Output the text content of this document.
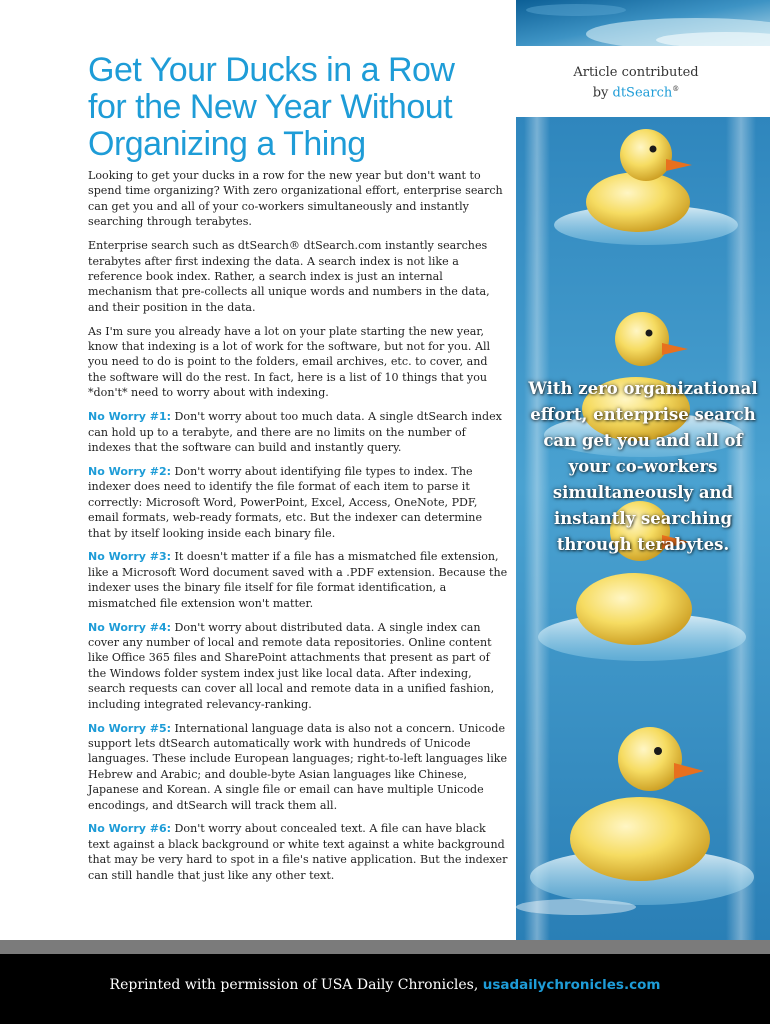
Get Your Ducks in a Row
for the New Year Without
Organizing a Thing
Article contributed
by dtSearch®

Looking to get your ducks in a row for the new year but don't want to spend time organizing? With zero organizational effort, enterprise search can get you and all of your co-workers simultaneously and instantly searching through terabytes.

Enterprise search such as dtSearch® dtSearch.com instantly searches terabytes after first indexing the data. A search index is not like a reference book index. Rather, a search index is just an internal mechanism that pre-collects all unique words and numbers in the data, and their position in the data.

As I'm sure you already have a lot on your plate starting the new year, know that indexing is a lot of work for the software, but not for you. All you need to do is point to the folders, email archives, etc. to cover, and the software will do the rest. In fact, here is a list of 10 things that you *don't* need to worry about with indexing.

No Worry #1: Don't worry about too much data. A single dtSearch index can hold up to a terabyte, and there are no limits on the number of indexes that the software can build and instantly query.

No Worry #2: Don't worry about identifying file types to index. The indexer does need to identify the file format of each item to parse it correctly: Microsoft Word, PowerPoint, Excel, Access, OneNote, PDF, email formats, web-ready formats, etc. But the indexer can determine that by itself looking inside each binary file.

No Worry #3: It doesn't matter if a file has a mismatched file extension, like a Microsoft Word document saved with a .PDF extension. Because the indexer uses the binary file itself for file format identification, a mismatched file extension won't matter.

No Worry #4: Don't worry about distributed data. A single index can cover any number of local and remote data repositories. Online content like Office 365 files and SharePoint attachments that present as part of the Windows folder system index just like local data. After indexing, search requests can cover all local and remote data in a unified fashion, including integrated relevancy-ranking.

No Worry #5: International language data is also not a concern. Unicode support lets dtSearch automatically work with hundreds of Unicode languages. These include European languages; right-to-left languages like Hebrew and Arabic; and double-byte Asian languages like Chinese, Japanese and Korean. A single file or email can have multiple Unicode encodings, and dtSearch will track them all.

No Worry #6: Don't worry about concealed text. A file can have black text against a black background or white text against a white background that may be very hard to spot in a file's native application. But the indexer can still handle that just like any other text.

With zero organizational effort, enterprise search can get you and all of your co-workers simultaneously and instantly searching through terabytes.

Reprinted with permission of USA Daily Chronicles, usadailychronicles.com
